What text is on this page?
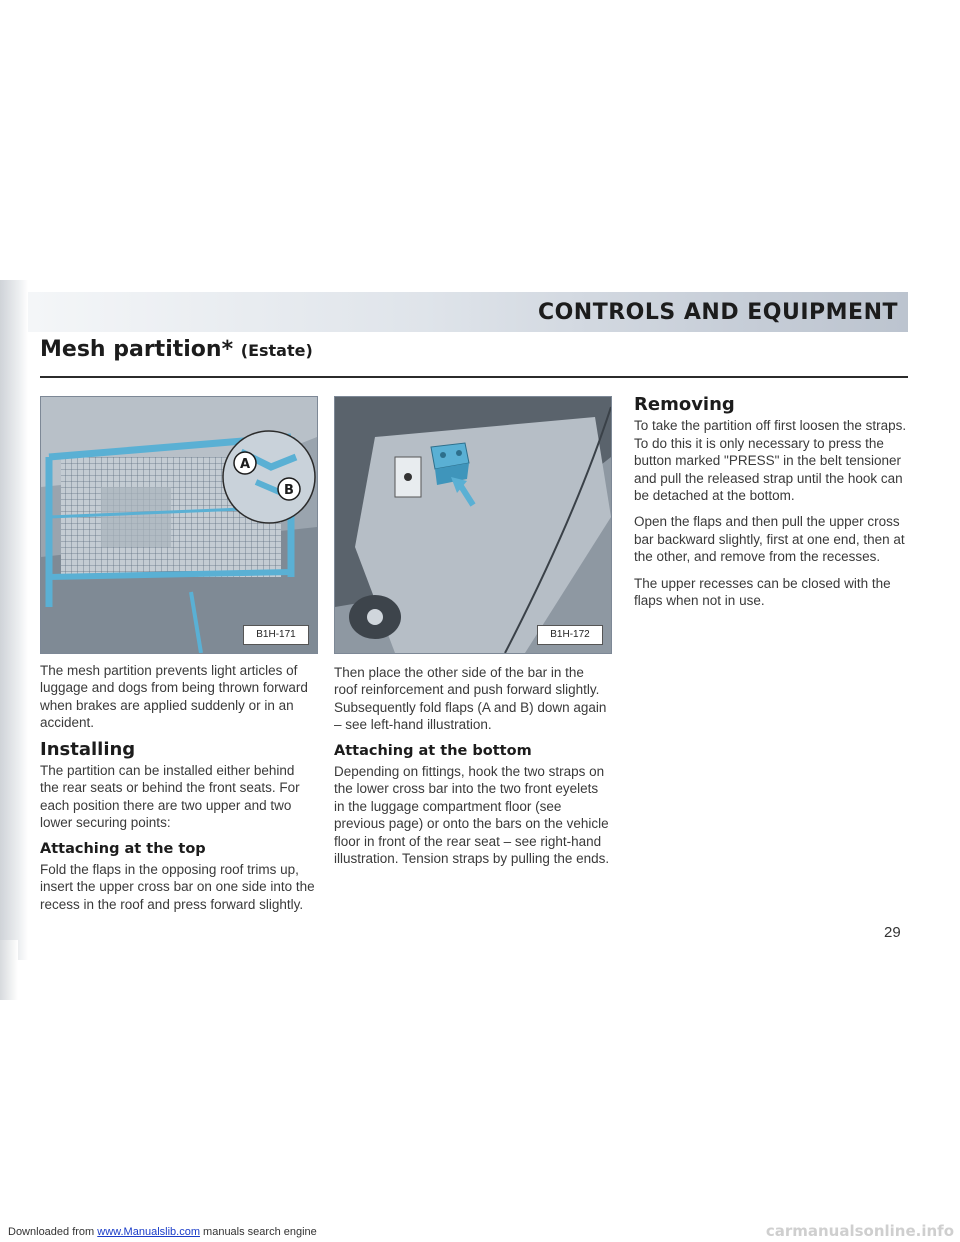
CONTROLS AND EQUIPMENT
Mesh partition* (Estate)
A
B
B1H-171	B1H-172

The mesh partition prevents light articles of luggage and dogs from being thrown forward when brakes are applied suddenly or in an accident.

Installing

The partition can be installed either behind the rear seats or behind the front seats. For each position there are two upper and two lower securing points:

Attaching at the top

Fold the flaps in the opposing roof trims up, insert the upper cross bar on one side into the recess in the roof and press forward slightly.

Then place the other side of the bar in the roof reinforcement and push forward slightly. Subsequently fold flaps (A and B) down again – see left-hand illustration.

Attaching at the bottom

Depending on fittings, hook the two straps on the lower cross bar into the two front eyelets in the luggage compartment floor (see previous page) or onto the bars on the vehicle floor in front of the rear seat – see right-hand illustration. Tension straps by pulling the ends.

Removing

To take the partition off first loosen the straps. To do this it is only necessary to press the button marked "PRESS" in the belt tensioner and pull the released strap until the hook can be detached at the bottom.

Open the flaps and then pull the upper cross bar backward slightly, first at one end, then at the other, and remove from the recesses.

The upper recesses can be closed with the flaps when not in use.

29
Downloaded from www.Manualslib.com manuals search engine	carmanualsonline.info
